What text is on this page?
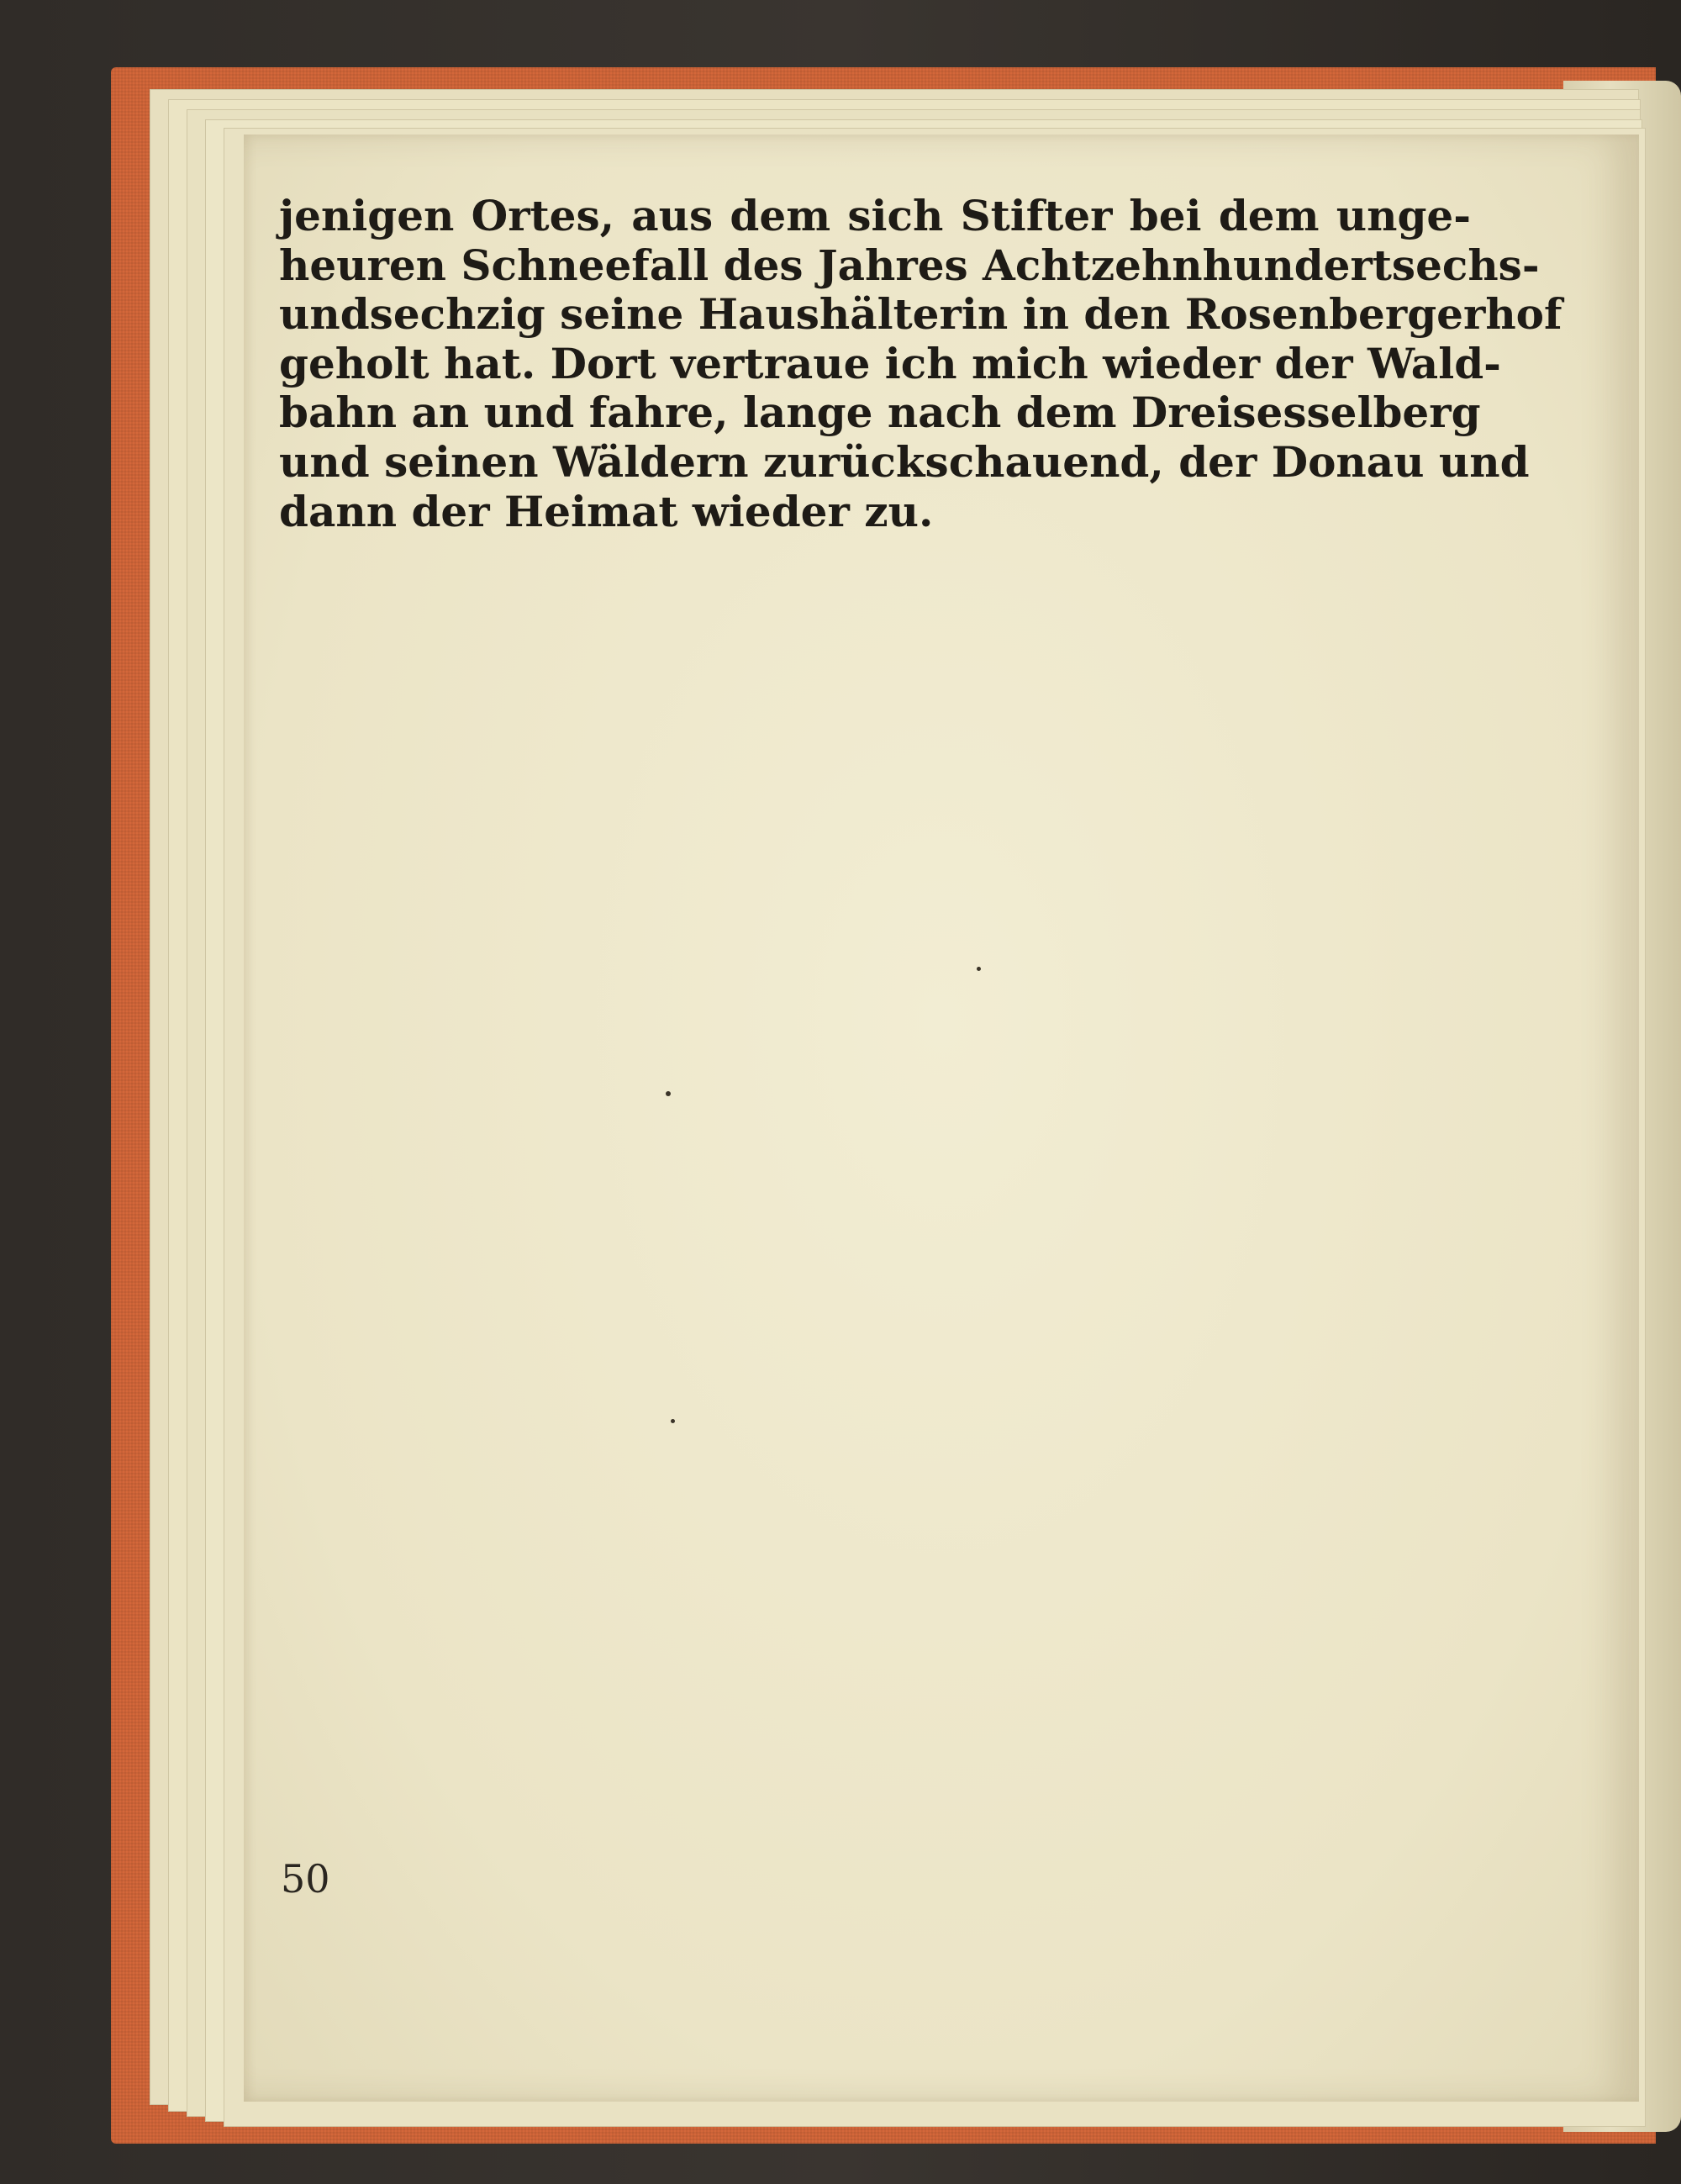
jenigen Ortes, aus dem sich Stifter bei dem unge-
heuren Schneefall des Jahres Achtzehnhundertsechs-
undsechzig seine Haushälterin in den Rosenbergerhof
geholt hat. Dort vertraue ich mich wieder der Wald-
bahn an und fahre, lange nach dem Dreisesselberg
und seinen Wäldern zurückschauend, der Donau und
dann der Heimat wieder zu.
50
